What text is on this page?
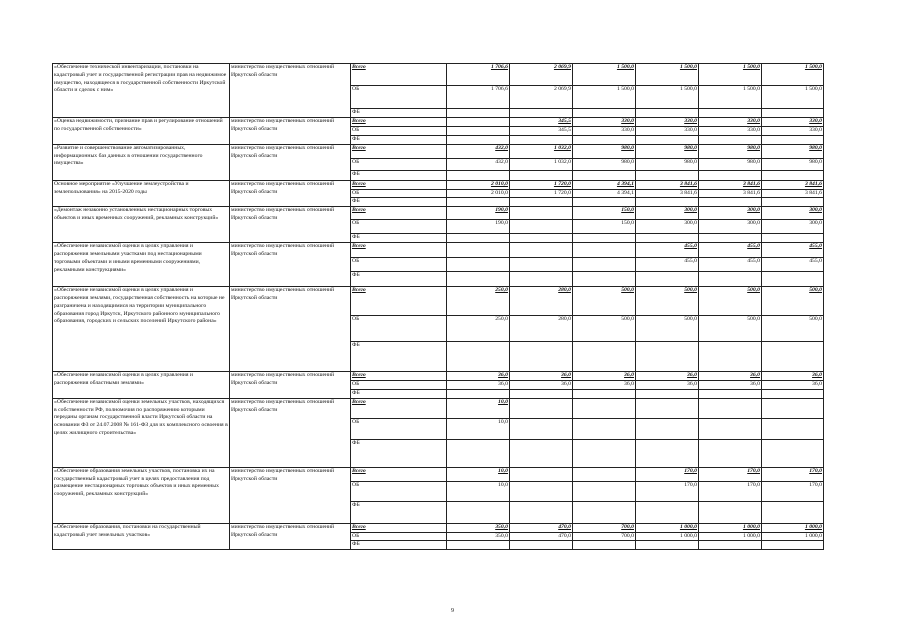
«Обеспечение технической инвентаризации, постановки на кадастровый учет и государственной регистрации прав на недвижимое имущество, находящееся в государственной собственности Иркутской области и сделок с ним»	министерство имущественных отношений Иркутской области	Всего	1 706,6	2 069,9	1 500,0	1 500,0	1 500,0	1 500,0
		ОБ	1 706,6	2 069,9	1 500,0	1 500,0	1 500,0	1 500,0
		ФБ						
«Оценка недвижимости, признание прав и регулирование отношений по государственной собственности»	министерство имущественных отношений Иркутской области	Всего		345,5	330,0	330,0	330,0	330,0
		ОБ		345,5	330,0	330,0	330,0	330,0
		ФБ						
«Развитие и совершенствование автоматизированных, информационных баз данных в отношении государственного имущества»	министерство имущественных отношений Иркутской области	Всего	432,0	1 032,0	980,0	980,0	980,0	980,0
		ОБ	432,0	1 032,0	980,0	980,0	980,0	980,0
		ФБ						
Основное мероприятие «Улучшение землеустройства и землепользования» на 2015-2020 годы	министерство имущественных отношений Иркутской области	Всего	2 010,0	1 720,0	4 394,1	3 841,6	3 841,6	3 841,6
		ОБ	2 010,0	1 720,0	4 394,1	3 841,6	3 841,6	3 841,6
		ФБ						
«Демонтаж незаконно установленных нестационарных торговых объектов и иных временных сооружений, рекламных конструкций»	министерство имущественных отношений Иркутской области	Всего	190,0		150,0	300,0	300,0	300,0
		ОБ	190,0		150,0	300,0	300,0	300,0
		ФБ						
«Обеспечение независимой оценки в целях управления и распоряжения земельными участками под нестационарными торговыми объектами и иными временными сооружениями, рекламными конструкциями»	министерство имущественных отношений Иркутской области	Всего				455,0	455,0	455,0
		ОБ				455,0	455,0	455,0
		ФБ						
«Обеспечение независимой оценки в целях управления и распоряжения землями, государственная собственность на которые не разграничена и находящимися на территории муниципального образования город Иркутск, Иркутского районного муниципального образования, городских и сельских поселений Иркутского района»	министерство имущественных отношений Иркутской области	Всего	250,0	280,0	500,0	500,0	500,0	500,0
		ОБ	250,0	280,0	500,0	500,0	500,0	500,0
		ФБ						
«Обеспечение независимой оценки в целях управления и распоряжения областными землями»	министерство имущественных отношений Иркутской области	Всего	36,0	36,0	36,0	36,0	36,0	36,0
		ОБ	36,0	36,0	36,0	36,0	36,0	36,0
		ФБ						
«Обеспечение независимой оценки земельных участков, находящихся в собственности РФ, полномочия по распоряжению которыми переданы органам государственной власти Иркутской области на основании ФЗ от 24.07.2008 № 161-ФЗ для их комплексного освоения в целях жилищного строительства»	министерство имущественных отношений Иркутской области	Всего	10,0					
		ОБ	10,0					
		ФБ						
«Обеспечение образования земельных участков, постановка их на государственный кадастровый учет в целях предоставления под размещение нестационарных торговых объектов и иных временных сооружений, рекламных конструкций»	министерство имущественных отношений Иркутской области	Всего	10,0			170,0	170,0	170,0
		ОБ	10,0			170,0	170,0	170,0
		ФБ						
«Обеспечение образования, постановки на государственный кадастровый учет земельных участков»	министерство имущественных отношений Иркутской области	Всего	350,0	470,0	700,0	1 000,0	1 000,0	1 000,0
		ОБ	350,0	470,0	700,0	1 000,0	1 000,0	1 000,0
		ФБ						
9
